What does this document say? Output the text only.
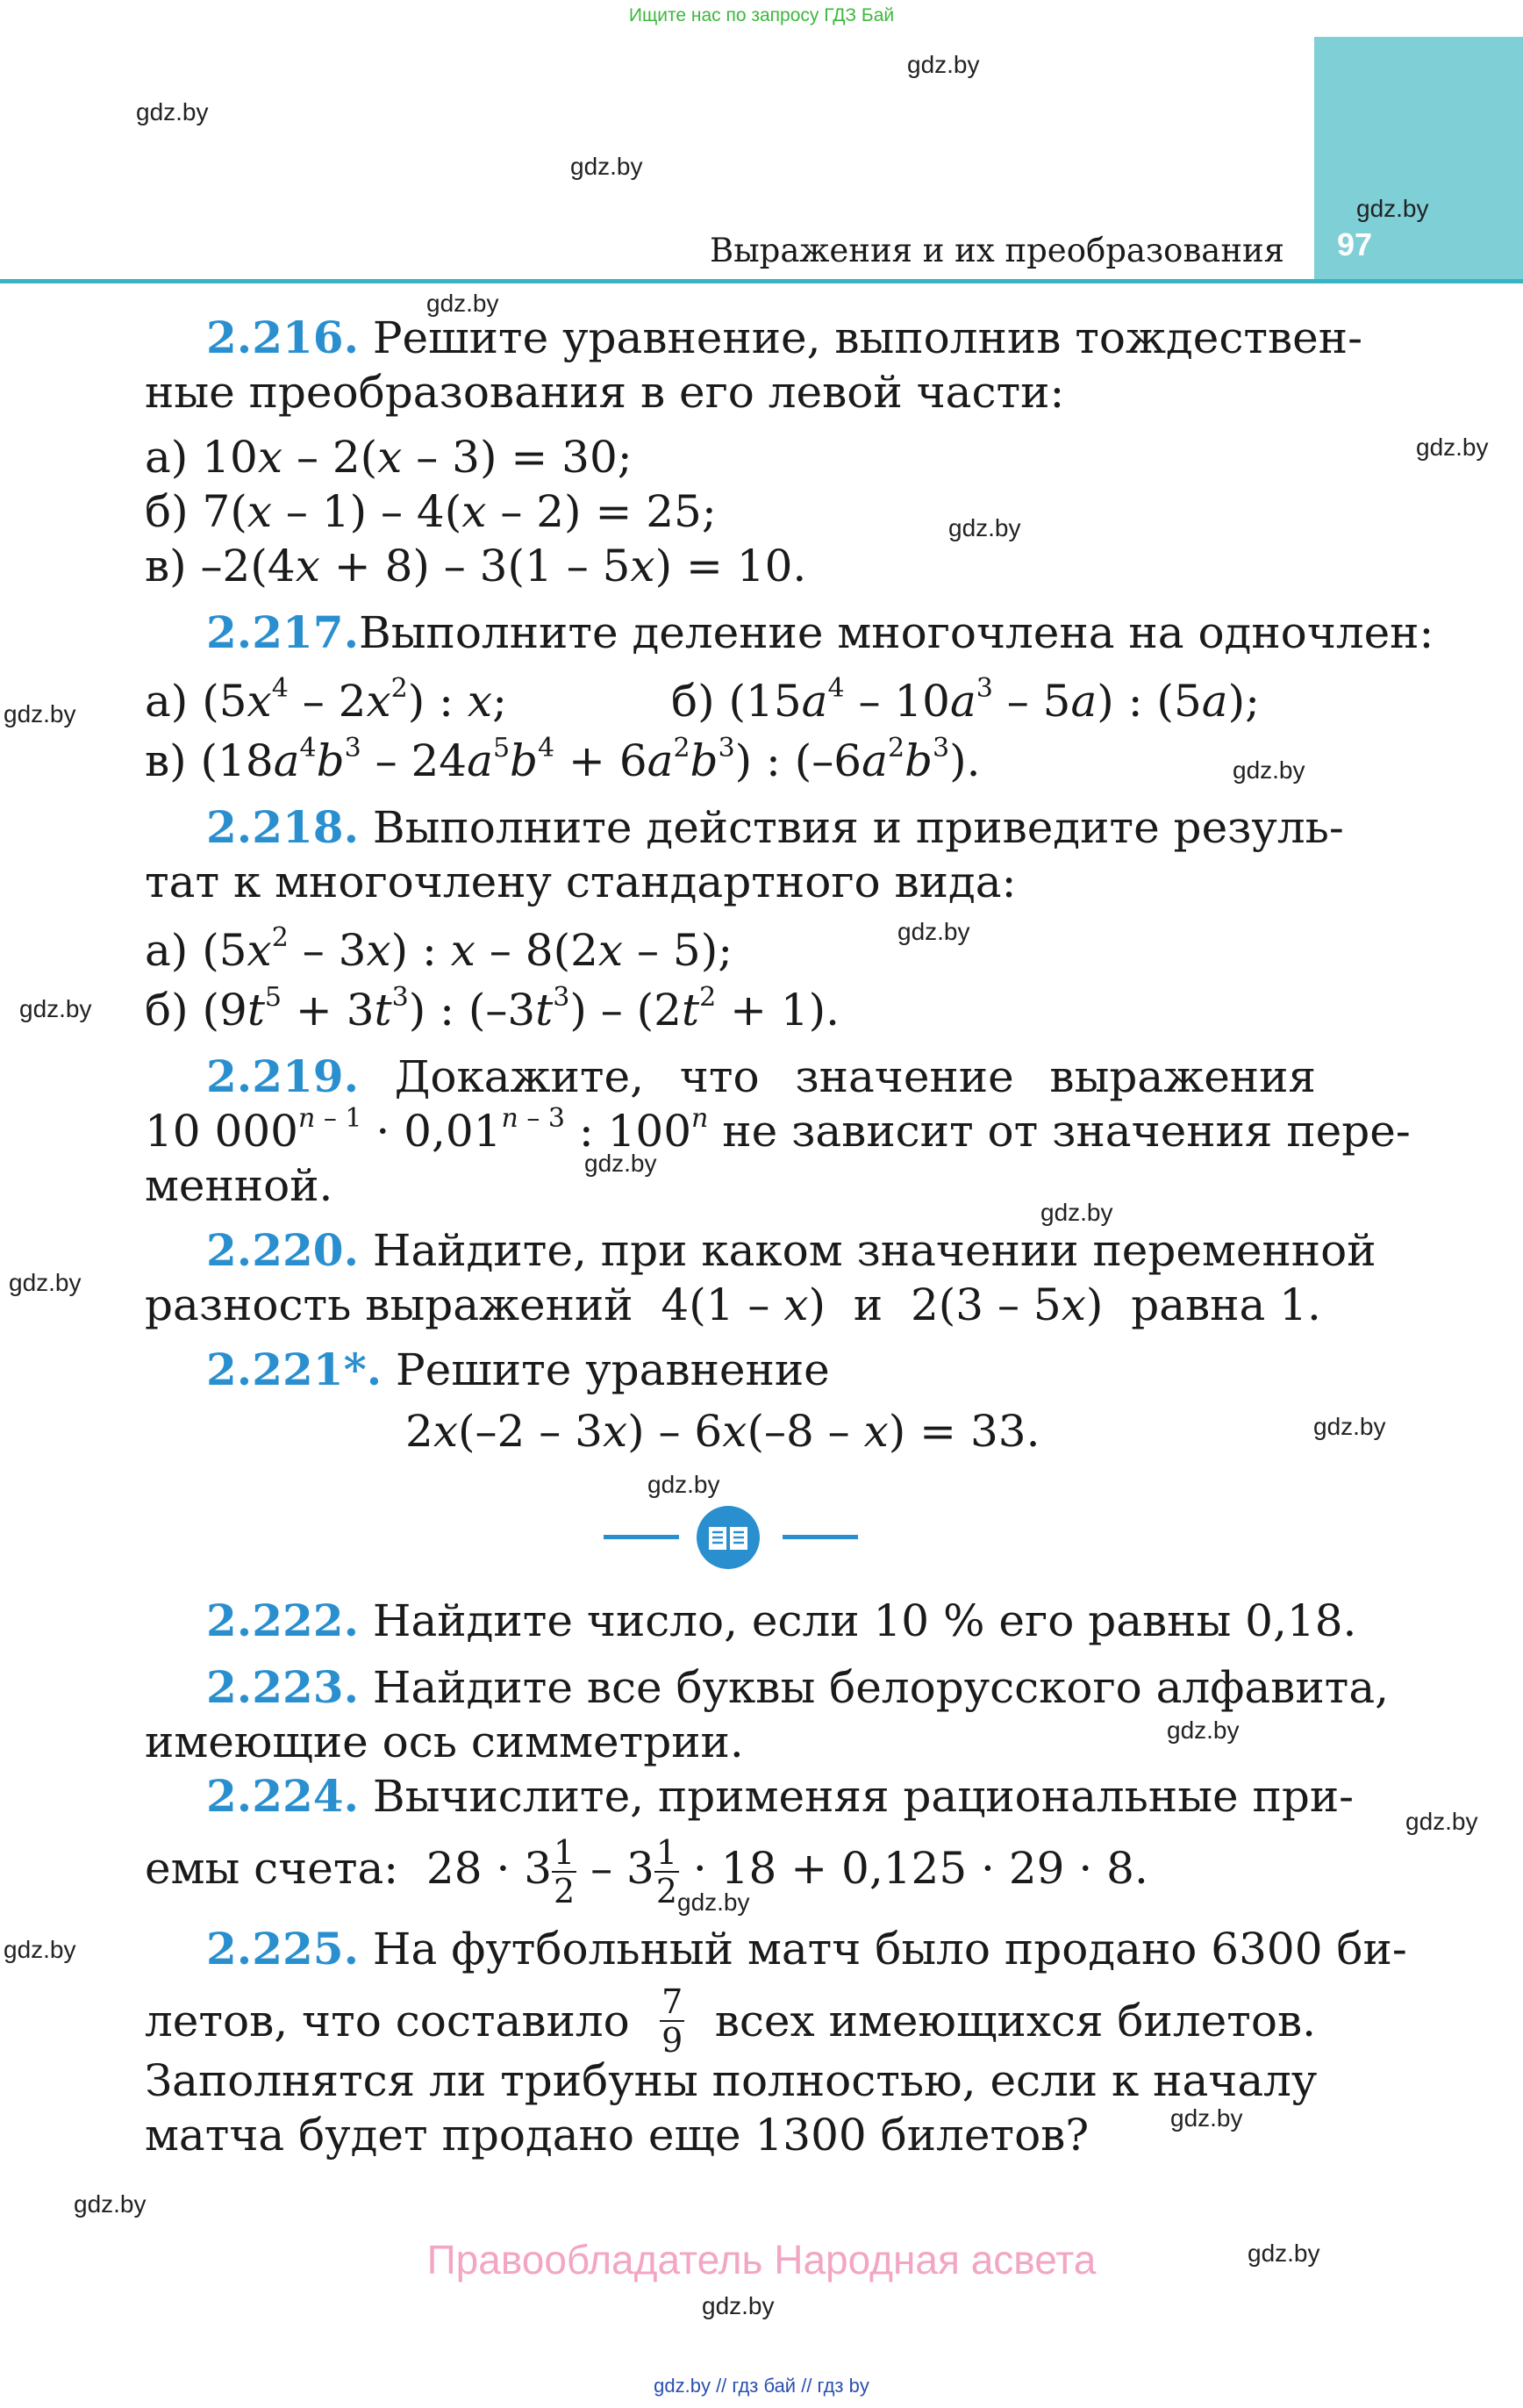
Ищите нас по запросу ГДЗ Бай
97
Выражения и их преобразования
gdz.by
gdz.by
gdz.by
gdz.by
gdz.by
gdz.by
gdz.by
gdz.by
gdz.by
gdz.by
gdz.by
gdz.by
gdz.by
gdz.by
gdz.by
gdz.by
gdz.by
gdz.by
gdz.by
gdz.by
gdz.by
gdz.by
gdz.by
gdz.by
2.216. Решите уравнение, выполнив тождествен-
ные преобразования в его левой части:
а) 10x – 2(x – 3) = 30;
б) 7(x – 1) – 4(x – 2) = 25;
в) –2(4x + 8) – 3(1 – 5x) = 10.
2.217.Выполните деление многочлена на одночлен:
а) $(5x^4 - 2x^2)$ : x;	б) $(15a^4 - 10a^3 - 5a)$ : (5a);
в) $(18a^4b^3 - 24a^5b^4 + 6a^2b^3)$ : $(-6a^2b^3)$.
2.218. Выполните действия и приведите резуль-
тат к многочлену стандартного вида:
а) $(5x^2 - 3x)$ : x – 8(2x – 5);
б) $(9t^5 + 3t^3)$ : $(-3t^3) - (2t^2 + 1)$.
2.219. Докажите, что значение выражения
10 $000^{n - 1} \cdot 0,01^{n - 3}$ : 100$^n$ не зависит от значения пере-
менной.
2.220. Найдите, при каком значении переменной
разность выражений  4(1 – x)  и  2(3 – 5x)  равна 1.
2.221*. Решите уравнение
2x(–2 – 3x) – 6x(–8 – x) = 33.
2.222. Найдите число, если 10 % его равны 0,18.
2.223. Найдите все буквы белорусского алфавита,
имеющие ось симметрии.
2.224. Вычислите, применяя рациональные при-
емы счета:  $28 \cdot 3 \frac{1}{2} - 3 \frac{1}{2} \cdot 18 + 0,125 \cdot 29 \cdot 8$.
2.225. На футбольный матч было продано 6300 би-
летов, что составило $\frac{7}{9}$ всех имеющихся билетов.
Заполнятся ли трибуны полностью, если к началу
матча будет продано еще 1300 билетов?
Правообладатель Народная асвета
gdz.by // гдз бай // гдз by
